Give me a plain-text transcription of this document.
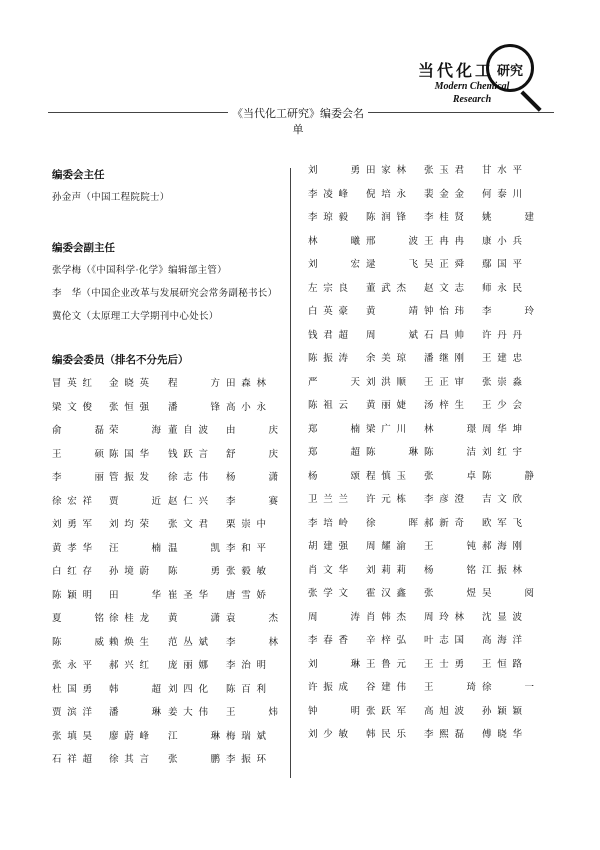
当代化工 研究
Modern Chemical Research
《当代化工研究》编委会名单
编委会主任
孙金声（中国工程院院士）
编委会副主任
张学梅（《中国科学·化学》编辑部主管）
李　华（中国企业改革与发展研究会常务副秘书长）
冀伦文（太原理工大学期刊中心处长）
编委会委员（排名不分先后）
冒英红 金晓英 程　方 田森林
梁文俊 张恒强 潘　锋 高小永
俞　磊 荣　海 董自波 由　庆
王　硕 陈国华 钱跃言 舒　庆
李　丽 管振发 徐志伟 杨　潇
徐宏祥 贾　近 赵仁兴 李　赛
刘勇军 刘均荣 张文君 栗崇中
黄孝华 汪　楠 温　凯 李和平
白红存 孙境蔚 陈　勇 张毅敏
陈颖明 田　华 崔圣华 唐雪娇
夏　铭 徐桂龙 黄　潇 袁　杰
陈　威 赖焕生 范丛斌 李　林
张永平 郝兴红 庞丽娜 李治明
杜国勇 韩　超 刘四化 陈百利
贾滨洋 潘　琳 姜大伟 王　炜
张填昊 廖蔚峰 江　琳 梅瑞斌
石祥超 徐其言 张　鹏 李振环
刘　勇 田家林 张玉君 甘水平
李凌峰 倪培永 裴金金 何泰川
李琼毅 陈润锋 李桂贤 姚　建
林　曦 邢　波 王冉冉 康小兵
刘　宏 逯　飞 吴正舜 鄢国平
左宗良 董武杰 赵文志 师永民
白英豪 黄　靖 钟怡玮 李　玲
钱君超 周　斌 石昌帅 许丹丹
陈振涛 余美琼 潘继刚 王建忠
严　天 刘洪顺 王正审 张崇淼
陈祖云 黄丽婕 汤梓生 王少会
郑　楠 梁广川 林　璟 周华坤
郑　超 陈　琳 陈　洁 刘红宇
杨　颂 程慎玉 张　卓 陈　静
卫兰兰 许元栋 李彦澄 吉文欣
李培岭 徐　晖 郝新奇 欧军飞
胡建强 周耀渝 王　钝 郝海刚
肖文华 刘莉莉 杨　铭 江振林
张学文 霍汉鑫 张　煜 吴　阅
周　涛 肖韩杰 周玲林 沈显波
李春香 辛梓弘 叶志国 高海洋
刘　琳 王鲁元 王士勇 王恒路
许振成 谷建伟 王　琦 徐　一
钟　明 张跃军 高旭波 孙颖颖
刘少敏 韩民乐 李熙磊 傅晓华
